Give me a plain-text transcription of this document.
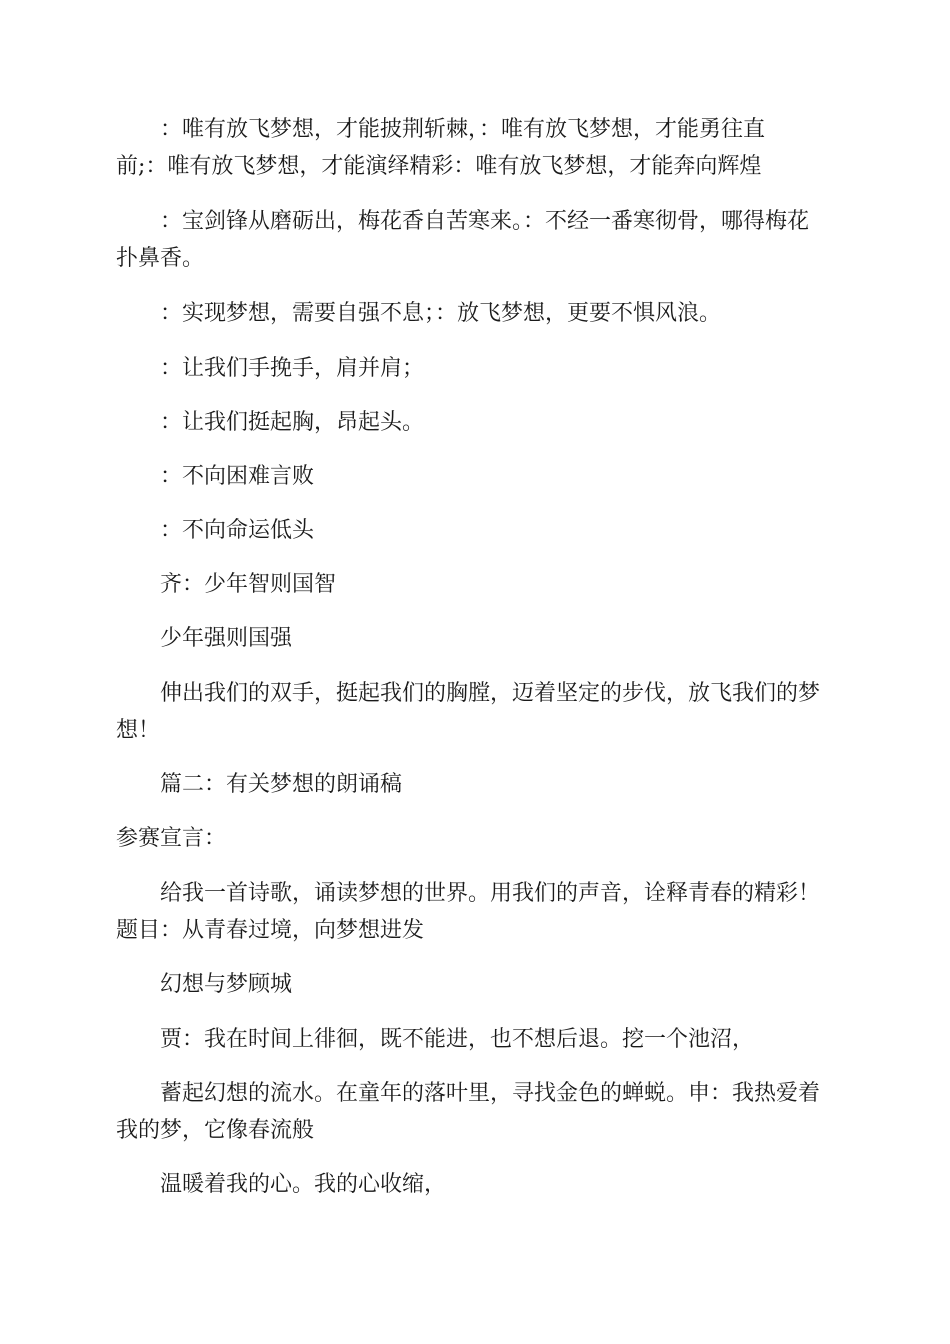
：唯有放飞梦想，才能披荆斩棘，：唯有放飞梦想，才能勇往直
前;：唯有放飞梦想，才能演绎精彩：唯有放飞梦想，才能奔向辉煌

：宝剑锋从磨砺出，梅花香自苦寒来。：不经一番寒彻骨，哪得梅花
扑鼻香。

：实现梦想，需要自强不息；：放飞梦想，更要不惧风浪。

：让我们手挽手，肩并肩；

：让我们挺起胸，昂起头。

：不向困难言败

：不向命运低头

齐：少年智则国智

少年强则国强

伸出我们的双手，挺起我们的胸膛，迈着坚定的步伐，放飞我们的梦
想！

篇二：有关梦想的朗诵稿

参赛宣言：

给我一首诗歌，诵读梦想的世界。用我们的声音，诠释青春的精彩！
题目：从青春过境，向梦想进发

幻想与梦顾城

贾：我在时间上徘徊，既不能进，也不想后退。挖一个池沼，

蓄起幻想的流水。在童年的落叶里，寻找金色的蝉蜕。申：我热爱着
我的梦，它像春流般

温暖着我的心。我的心收缩，
